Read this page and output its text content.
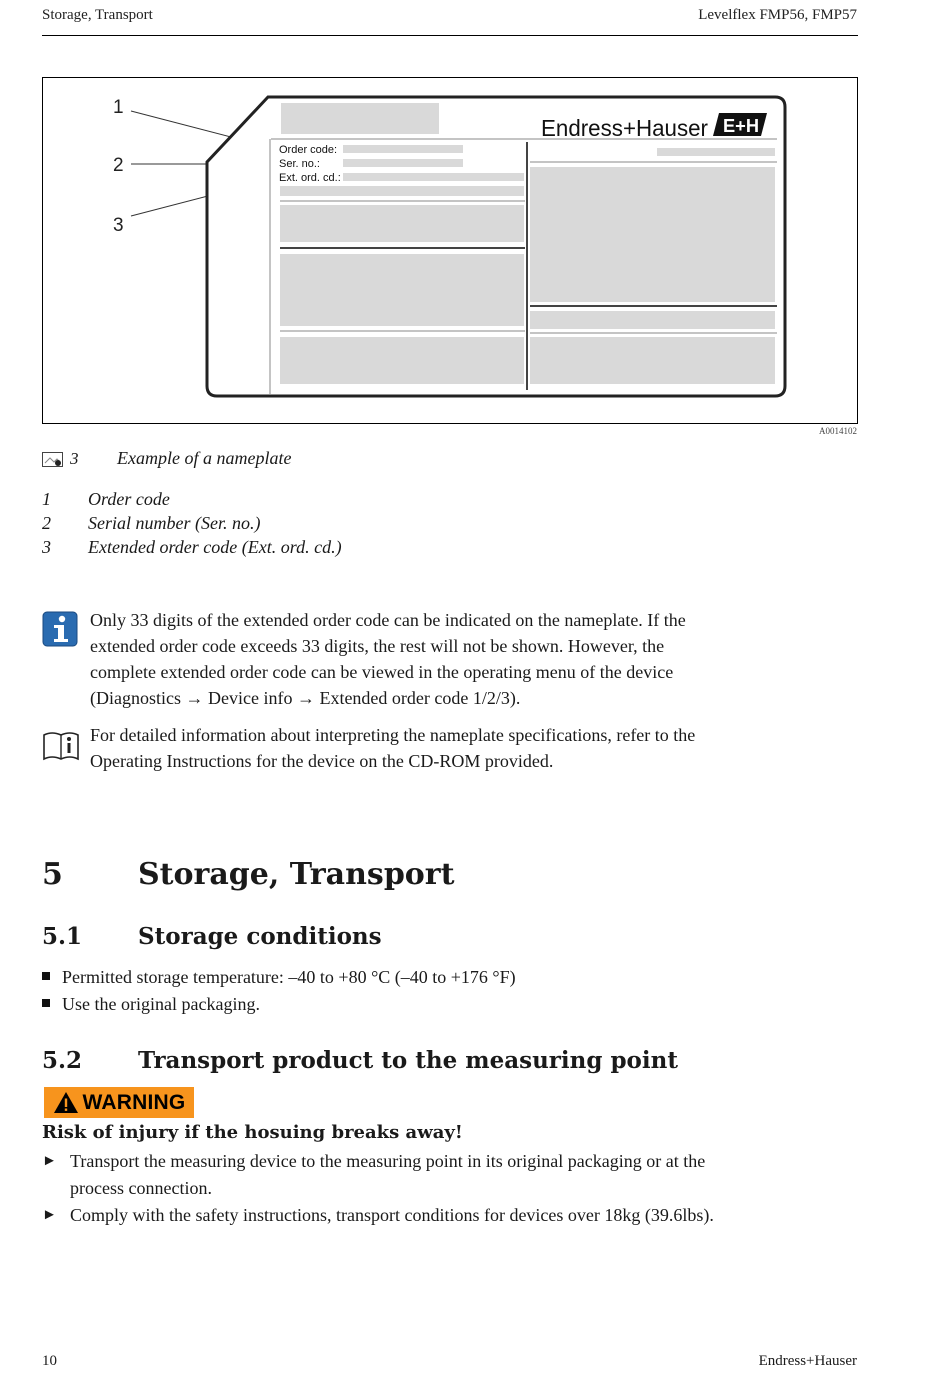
Storage, Transport	Levelflex FMP56, FMP57
1
2
3
Order code:
Ser. no.:
Ext. ord. cd.:
Endress+Hauser E+H
A0014102
3 Example of a nameplate
1	Order code
2	Serial number (Ser. no.)
3	Extended order code (Ext. ord. cd.)
Only 33 digits of the extended order code can be indicated on the nameplate. If the
extended order code exceeds 33 digits, the rest will not be shown. However, the
complete extended order code can be viewed in the operating menu of the device
(Diagnostics → Device info → Extended order code 1/2/3).
For detailed information about interpreting the nameplate specifications, refer to the
Operating Instructions for the device on the CD-ROM provided.
5	Storage, Transport
5.1 Storage conditions
Permitted storage temperature: –40 to +80 °C (–40 to +176 °F)
Use the original packaging.
5.2 Transport product to the measuring point
WARNING
Risk of injury if the hosuing breaks away!
► Transport the measuring device to the measuring point in its original packaging or at the
process connection.
► Comply with the safety instructions, transport conditions for devices over 18kg (39.6lbs).
10	Endress+Hauser
